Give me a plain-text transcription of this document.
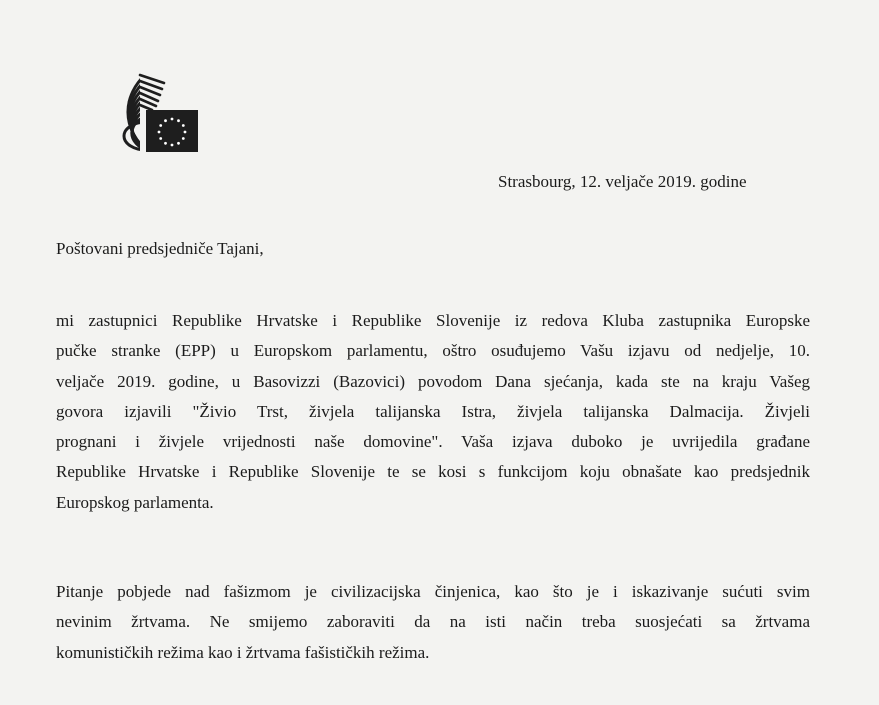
Strasbourg, 12. veljače 2019. godine
Poštovani predsjedniče Tajani,

mi zastupnici Republike Hrvatske i Republike Slovenije iz redova Kluba zastupnika Europske
pučke stranke (EPP) u Europskom parlamentu, oštro osuđujemo Vašu izjavu od nedjelje, 10.
veljače 2019. godine, u Basovizzi (Bazovici) povodom Dana sjećanja, kada ste na kraju Vašeg
govora izjavili "Živio Trst, živjela talijanska Istra, živjela talijanska Dalmacija. Živjeli
prognani i živjele vrijednosti naše domovine". Vaša izjava duboko je uvrijedila građane
Republike Hrvatske i Republike Slovenije te se kosi s funkcijom koju obnašate kao predsjednik
Europskog parlamenta.

Pitanje pobjede nad fašizmom je civilizacijska činjenica, kao što je i iskazivanje sućuti svim
nevinim žrtvama. Ne smijemo zaboraviti da na isti način treba suosjećati sa žrtvama
komunističkih režima kao i žrtvama fašističkih režima.
